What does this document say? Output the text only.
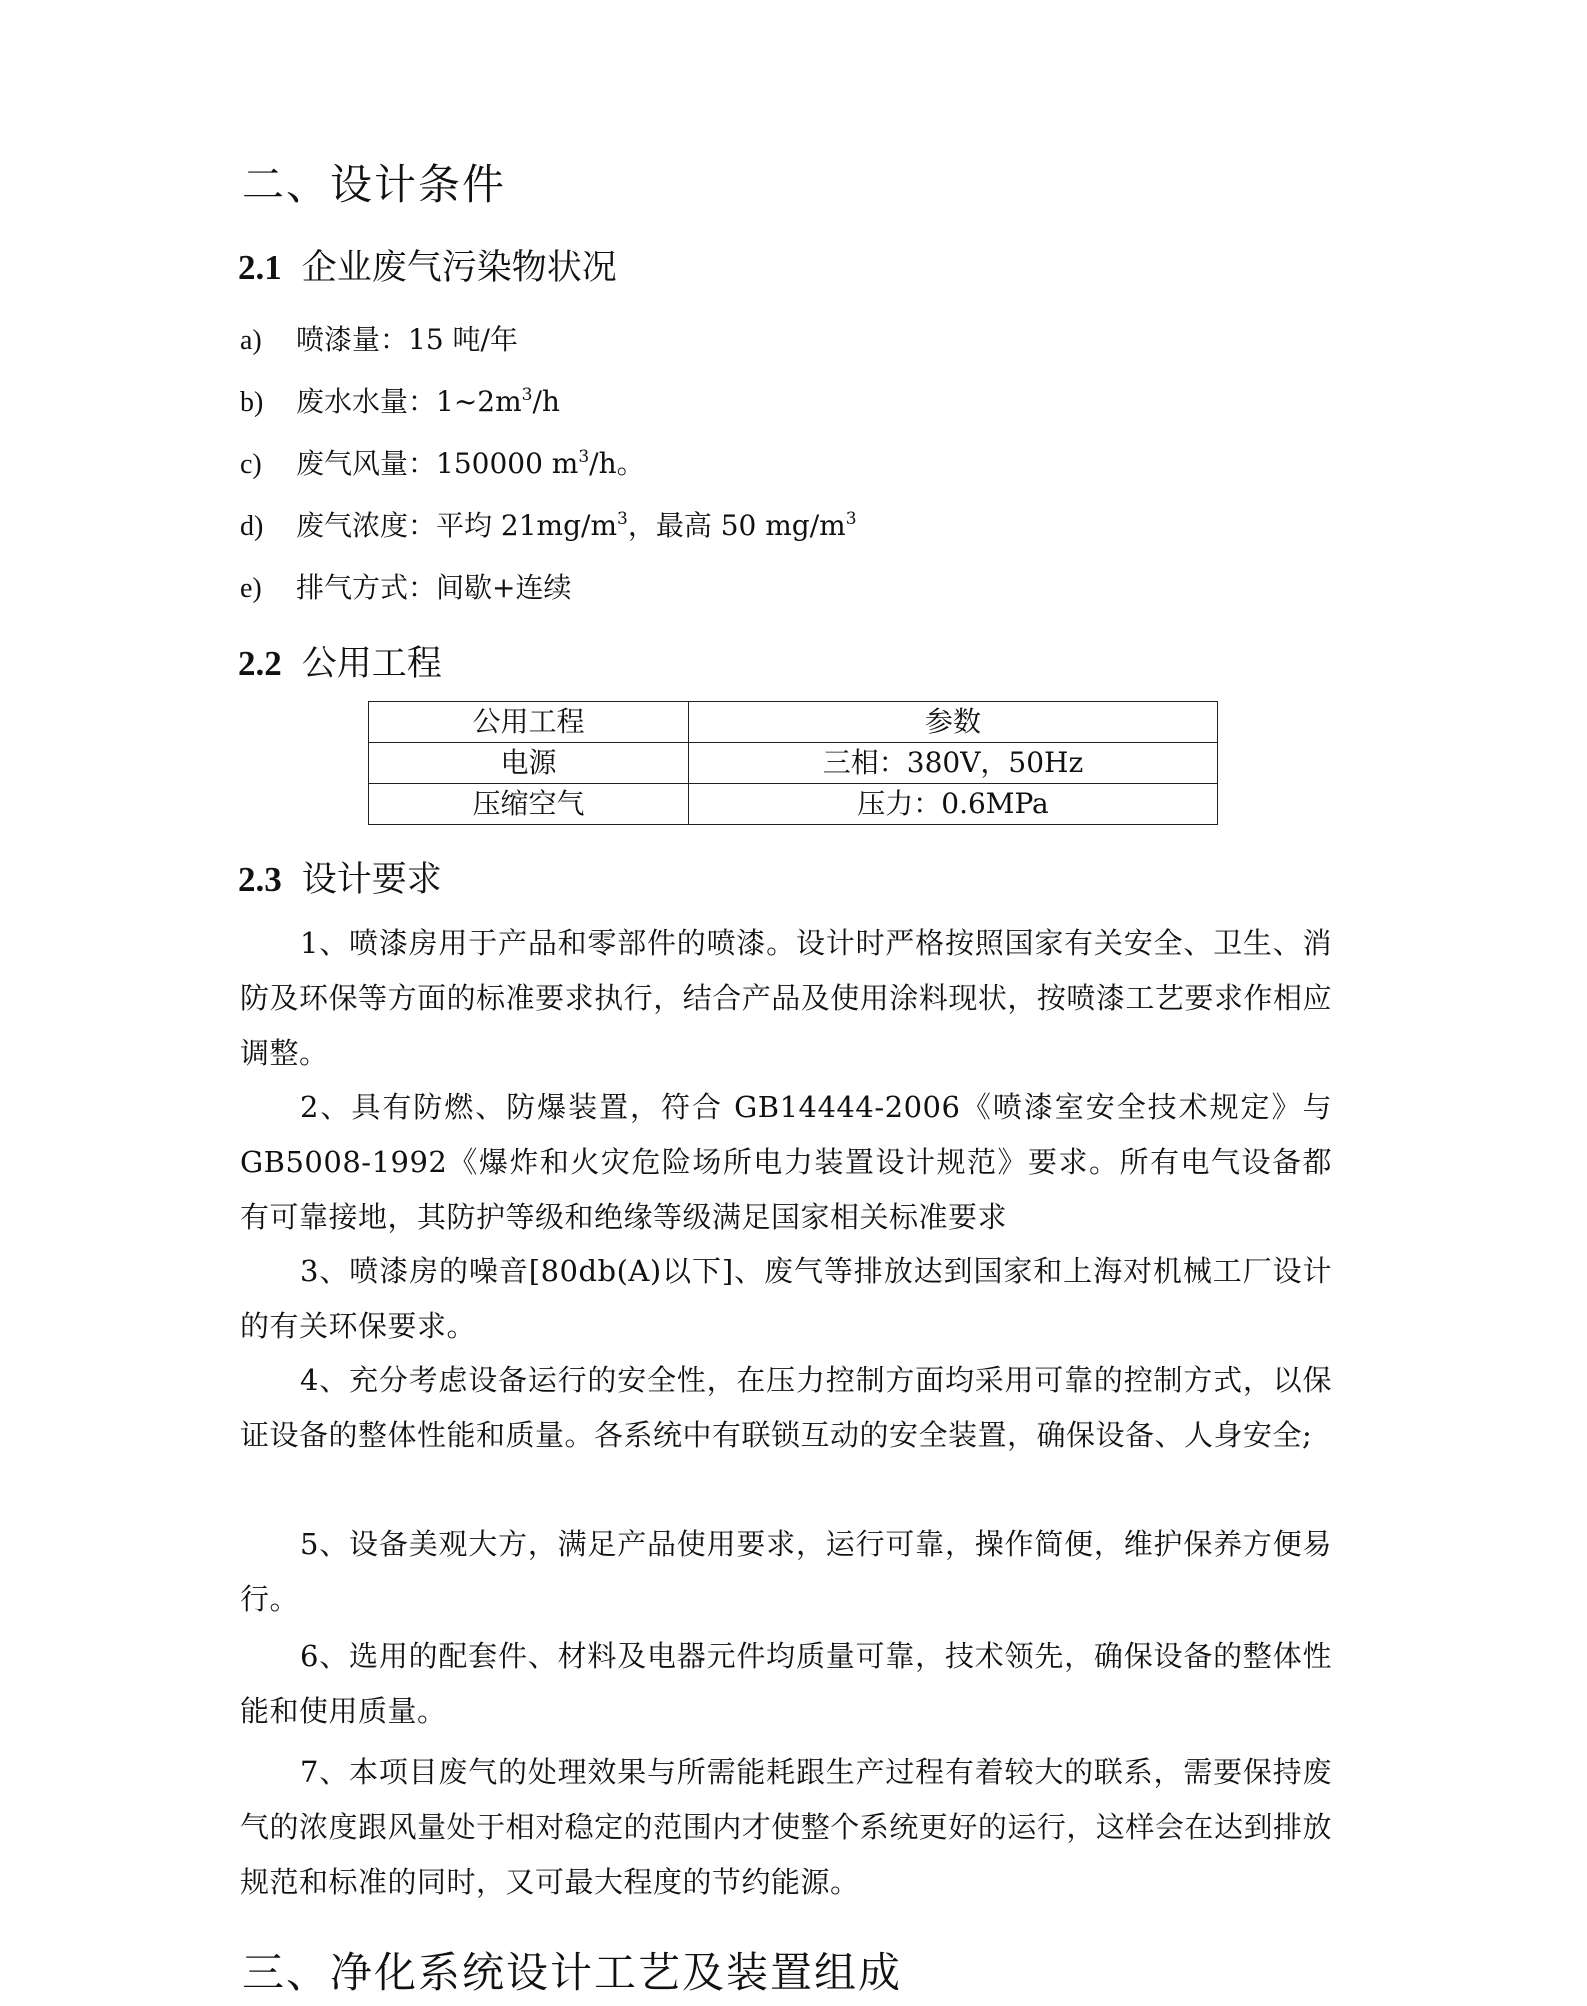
二、设计条件
2.1 企业废气污染物状况
a) 喷漆量：15 吨/年
b) 废水水量：$1\sim 2m^3/h$
c) 废气风量：150000 $m^3/h$。
d) 废气浓度：平均 $21mg/m^3$，最高 50 $mg/m^3$
e) 排气方式：间歇+连续
2.2 公用工程
公用工程	参数
电源	三相：380V，50Hz
压缩空气	压力：0.6MPa
2.3 设计要求
1、喷漆房用于产品和零部件的喷漆。设计时严格按照国家有关安全、卫生、消防及环保等方面的标准要求执行，结合产品及使用涂料现状，按喷漆工艺要求作相应调整。
2、具有防燃、防爆装置，符合 GB14444-2006《喷漆室安全技术规定》与 GB5008-1992《爆炸和火灾危险场所电力装置设计规范》要求。所有电气设备都有可靠接地，其防护等级和绝缘等级满足国家相关标准要求
3、喷漆房的噪音[80db(A)以下]、废气等排放达到国家和上海对机械工厂设计的有关环保要求。
4、充分考虑设备运行的安全性，在压力控制方面均采用可靠的控制方式，以保证设备的整体性能和质量。各系统中有联锁互动的安全装置，确保设备、人身安全;
5、设备美观大方，满足产品使用要求，运行可靠，操作简便，维护保养方便易行。
6、选用的配套件、材料及电器元件均质量可靠，技术领先，确保设备的整体性能和使用质量。
7、本项目废气的处理效果与所需能耗跟生产过程有着较大的联系，需要保持废气的浓度跟风量处于相对稳定的范围内才使整个系统更好的运行，这样会在达到排放规范和标准的同时，又可最大程度的节约能源。
三、净化系统设计工艺及装置组成
